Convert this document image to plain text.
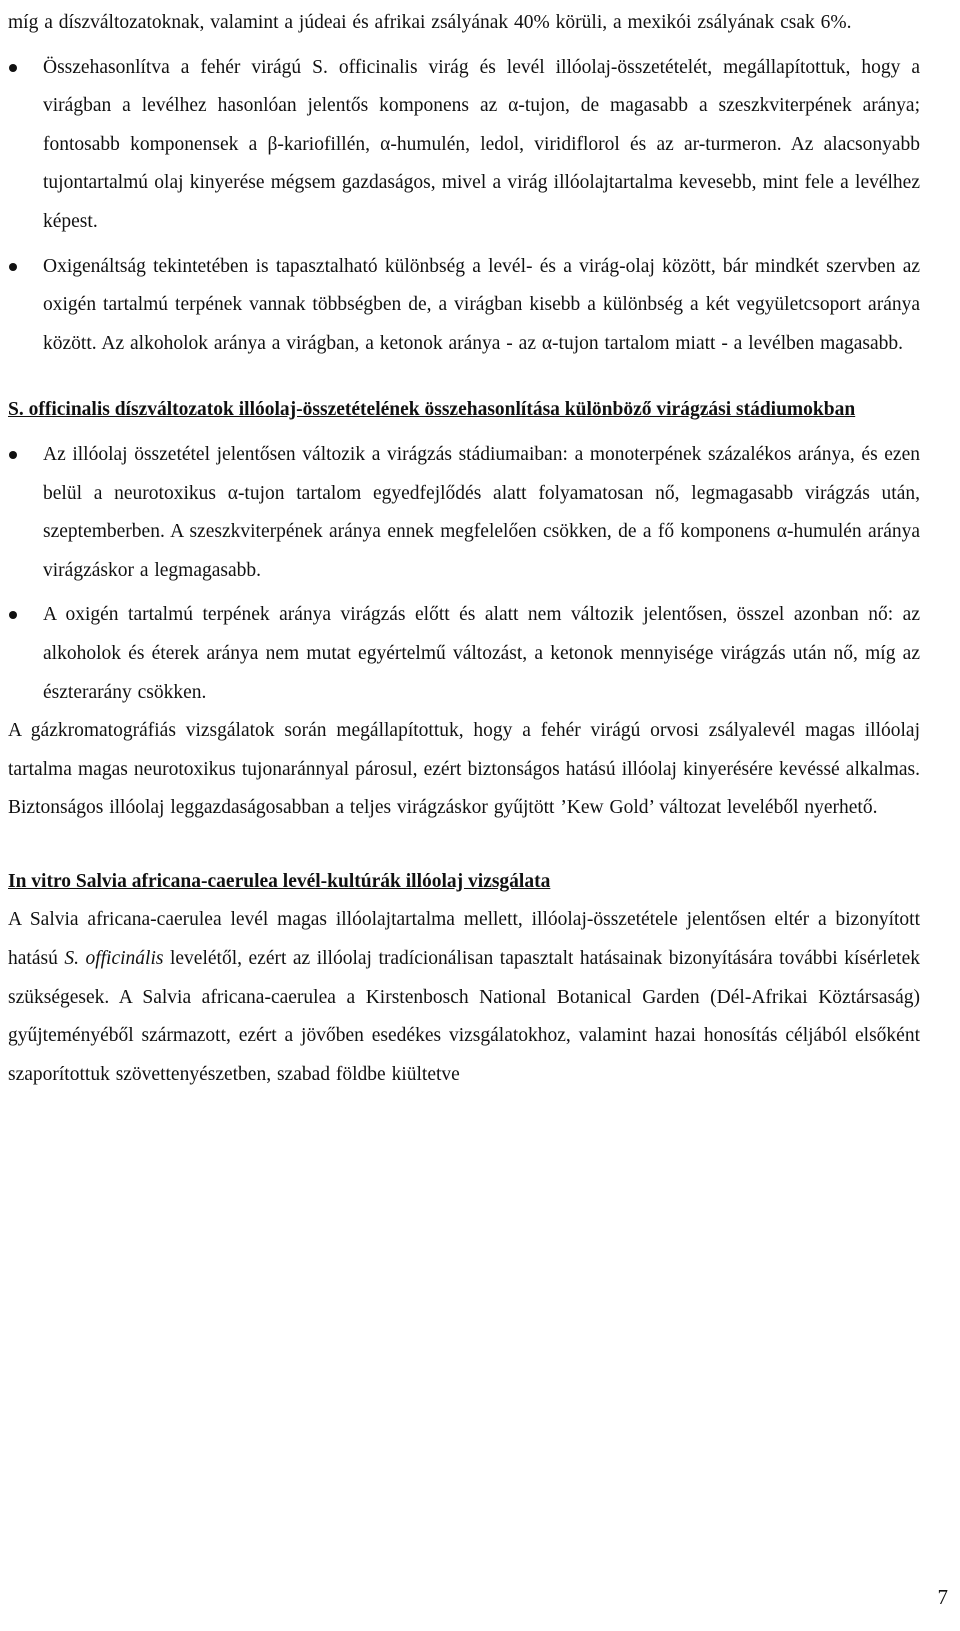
míg a díszváltozatoknak, valamint a júdeai és afrikai zsályának 40% körüli, a mexikói zsályának csak 6%.

Összehasonlítva a fehér virágú S. officinalis virág és levél illóolaj-összetételét, megállapítottuk, hogy a virágban a levélhez hasonlóan jelentős komponens az α-tujon, de magasabb a szeszkviterpének aránya; fontosabb komponensek a β-kariofillén, α-humulén, ledol, viridiflorol és az ar-turmeron. Az alacsonyabb tujontartalmú olaj kinyerése mégsem gazdaságos, mivel a virág illóolajtartalma kevesebb, mint fele a levélhez képest.

Oxigenáltság tekintetében is tapasztalható különbség a levél- és a virág-olaj között, bár mindkét szervben az oxigén tartalmú terpének vannak többségben de, a virágban kisebb a különbség a két vegyületcsoport aránya között. Az alkoholok aránya a virágban, a ketonok aránya - az α-tujon tartalom miatt - a levélben magasabb.

S. officinalis díszváltozatok illóolaj-összetételének összehasonlítása különböző virágzási stádiumokban

Az illóolaj összetétel jelentősen változik a virágzás stádiumaiban: a monoterpének százalékos aránya, és ezen belül a neurotoxikus α-tujon tartalom egyedfejlődés alatt folyamatosan nő, legmagasabb virágzás után, szeptemberben. A szeszkviterpének aránya ennek megfelelően csökken, de a fő komponens α-humulén aránya virágzáskor a legmagasabb.

A oxigén tartalmú terpének aránya virágzás előtt és alatt nem változik jelentősen, összel azonban nő: az alkoholok és éterek aránya nem mutat egyértelmű változást, a ketonok mennyisége virágzás után nő, míg az észterarány csökken.

A gázkromatográfiás vizsgálatok során megállapítottuk, hogy a fehér virágú orvosi zsályalevél magas illóolaj tartalma magas neurotoxikus tujonaránnyal párosul, ezért biztonságos hatású illóolaj kinyerésére kevéssé alkalmas. Biztonságos illóolaj leggazdaságosabban a teljes virágzáskor gyűjtött ’Kew Gold’ változat leveléből nyerhető.

In vitro Salvia africana-caerulea levél-kultúrák illóolaj vizsgálata

A Salvia africana-caerulea levél magas illóolajtartalma mellett, illóolaj-összetétele jelentősen eltér a bizonyított hatású S. officinális levelétől, ezért az illóolaj tradícionálisan tapasztalt hatásainak bizonyítására további kísérletek szükségesek. A Salvia africana-caerulea a Kirstenbosch National Botanical Garden (Dél-Afrikai Köztársaság) gyűjteményéből származott, ezért a jövőben esedékes vizsgálatokhoz, valamint hazai honosítás céljából elsőként szaporítottuk szövettenyészetben, szabad földbe kiültetve

7
